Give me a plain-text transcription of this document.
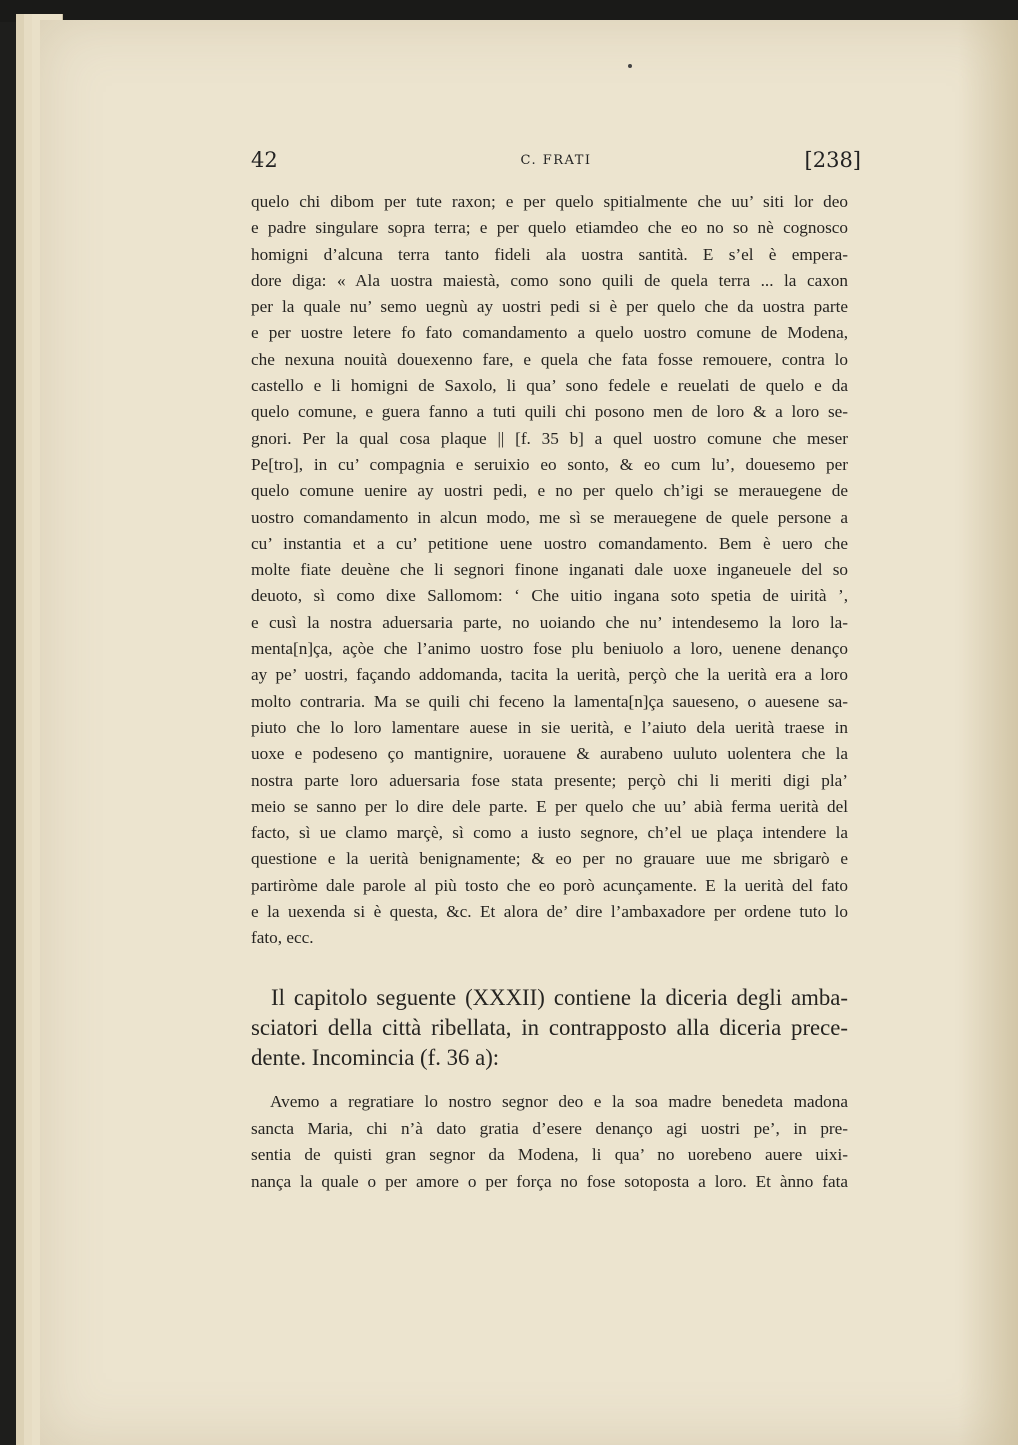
42	C. FRATI	[238]
quelo chi dibom per tute raxon; e per quelo spitialmente che uu’ siti lor deo
e padre singulare sopra terra; e per quelo etiamdeo che eo no so nè cognosco
homigni d’alcuna terra tanto fideli ala uostra santità. E s’el è empera-
dore diga: « Ala uostra maiestà, como sono quili de quela terra ... la caxon
per la quale nu’ semo uegnù ay uostri pedi si è per quelo che da uostra parte
e per uostre letere fo fato comandamento a quelo uostro comune de Modena,
che nexuna nouità douexenno fare, e quela che fata fosse remouere, contra lo
castello e li homigni de Saxolo, li qua’ sono fedele e reuelati de quelo e da
quelo comune, e guera fanno a tuti quili chi posono men de loro & a loro se-
gnori. Per la qual cosa plaque || [f. 35 b] a quel uostro comune che meser
Pe[tro], in cu’ compagnia e seruixio eo sonto, & eo cum lu’, douesemo per
quelo comune uenire ay uostri pedi, e no per quelo ch’igi se merauegene de
uostro comandamento in alcun modo, me sì se merauegene de quele persone a
cu’ instantia et a cu’ petitione uene uostro comandamento. Bem è uero che
molte fiate deuène che li segnori finone inganati dale uoxe inganeuele del so
deuoto, sì como dixe Sallomom: ‘ Che uitio ingana soto spetia de uirità ’,
e cusì la nostra aduersaria parte, no uoiando che nu’ intendesemo la loro la-
menta[n]ça, açòe che l’animo uostro fose plu beniuolo a loro, uenene denanço
ay pe’ uostri, façando addomanda, tacita la uerità, perçò che la uerità era a loro
molto contraria. Ma se quili chi feceno la lamenta[n]ça saueseno, o auesene sa-
piuto che lo loro lamentare auese in sie uerità, e l’aiuto dela uerità traese in
uoxe e podeseno ço mantignire, uorauene & aurabeno uuluto uolentera che la
nostra parte loro aduersaria fose stata presente; perçò chi li meriti digi pla’
meio se sanno per lo dire dele parte. E per quelo che uu’ abià ferma uerità del
facto, sì ue clamo marçè, sì como a iusto segnore, ch’el ue plaça intendere la
questione e la uerità benignamente; & eo per no grauare uue me sbrigarò e
partiròme dale parole al più tosto che eo porò acunçamente. E la uerità del fato
e la uexenda si è questa, &c. Et alora de’ dire l’ambaxadore per ordene tuto lo
fato, ecc.
Il capitolo seguente (XXXII) contiene la diceria degli amba-
sciatori della città ribellata, in contrapposto alla diceria prece-
dente. Incomincia (f. 36 a):
Avemo a regratiare lo nostro segnor deo e la soa madre benedeta madona
sancta Maria, chi n’à dato gratia d’esere denanço agi uostri pe’, in pre-
sentia de quisti gran segnor da Modena, li qua’ no uorebeno auere uixi-
nança la quale o per amore o per força no fose sotoposta a loro. Et ànno fata
